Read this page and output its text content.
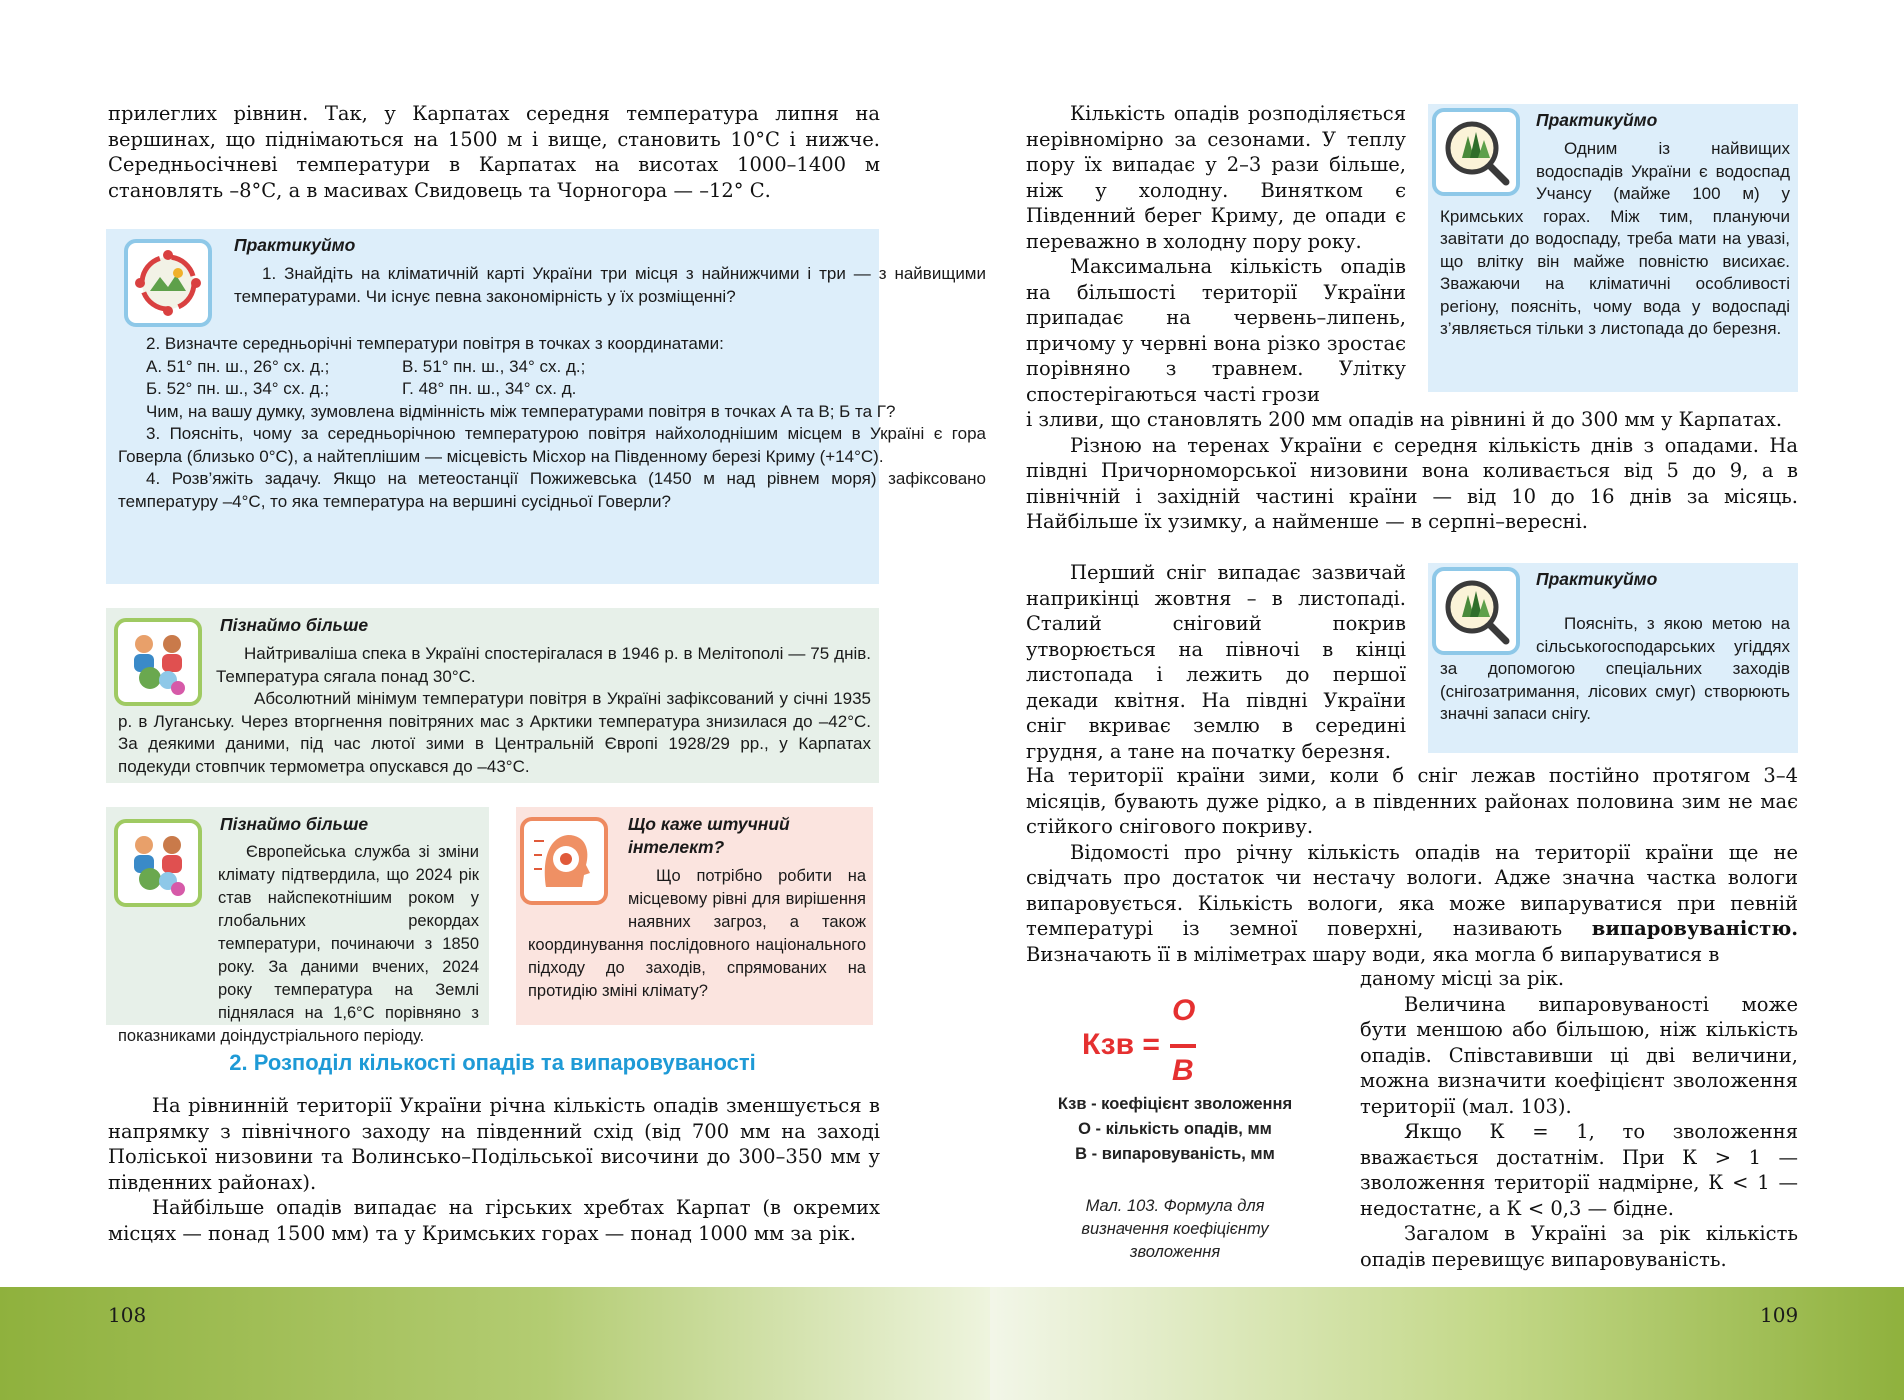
прилеглих рівнин. Так, у Карпатах середня температура липня на вершинах, що піднімаються на 1500 м і вище, становить 10°С і нижче. Середньосічневі температури в Карпатах на висотах 1000–1400 м становлять –8°С, а в масивах Свидовець та Чорногора — –12° С.

Практикуймо

1. Знайдіть на кліматичній карті України три місця з найнижчими і три — з найвищими температурами. Чи існує певна закономірність у їх розміщенні?

2. Визначте середньорічні температури повітря в точках з координатами:

А. 51° пн. ш., 26° сх. д.;	В. 51° пн. ш., 34° сх. д.;
Б. 52° пн. ш., 34° сх. д.;	Г. 48° пн. ш., 34° сх. д.

Чим, на вашу думку, зумовлена відмінність між температурами повітря в точках А та В; Б та Г?

3. Поясніть, чому за середньорічною температурою повітря найхолоднішим місцем в Україні є гора Говерла (близько 0°С), а найтеплішим — місцевість Місхор на Південному березі Криму (+14°С).

4. Розв’яжіть задачу. Якщо на метеостанції Пожижевська (1450 м над рівнем моря) зафіксовано температуру –4°С, то яка температура на вершині сусідньої Говерли?

Пізнаймо більше

Найтриваліша спека в Україні спостерігалася в 1946 р. в Мелітополі — 75 днів. Температура сягала понад 30°С.

Абсолютний мінімум температури повітря в Україні зафіксований у січні 1935 р. в Луганську. Через вторгнення повітряних мас з Арктики температура знизилася до –42°С. За деякими даними, під час лютої зими в Центральній Європі 1928/29 рр., у Карпатах подекуди стовпчик термометра опускався до –43°С.

Пізнаймо більше

Європейська служба зі зміни клімату підтвердила, що 2024 рік став найспекотнішим роком у глобальних рекордах температури, починаючи з 1850 року. За даними вчених, 2024 року температура на Землі піднялася на 1,6°С порівняно з показниками доіндустріального періоду.

Що каже штучний інтелект?

Що потрібно робити на місцевому рівні для вирішення наявних загроз, а також координування послідовного національного підходу до заходів, спрямованих на протидію зміні клімату?

2. Розподіл кількості опадів та випаровуваності

На рівнинній території України річна кількість опадів зменшується в напрямку з північного заходу на південний схід (від 700 мм на заході Поліської низовини та Волинсько–Подільської височини до 300–350 мм у південних районах).

Найбільше опадів випадає на гірських хребтах Карпат (в окремих місцях — понад 1500 мм) та у Кримських горах — понад 1000 мм за рік.

108	109
Практикуймо

Одним із найвищих водоспадів України є водоспад Учансу (майже 100 м) у Кримських горах. Між тим, плануючи завітати до водоспаду, треба мати на увазі, що влітку він майже повністю висихає. Зважаючи на кліматичні особливості регіону, поясніть, чому вода у водоспаді з’являється тільки з листопада до березня.

Кількість опадів розподіляється нерівномірно за сезонами. У теплу пору їх випадає у 2–3 рази більше, ніж у холодну. Винятком є Південний берег Криму, де опади є переважно в холодну пору року.

Максимальна кількість опадів на більшості території України припадає на червень–липень, причому у червні вона різко зростає порівняно з травнем. Улітку спостерігаються часті грози

і зливи, що становлять 200 мм опадів на рівнині й до 300 мм у Карпатах.

Різною на теренах України є середня кількість днів з опадами. На півдні Причорноморської низовини вона коливається від 5 до 9, а в північній і західній частині країни — від 10 до 16 днів за місяць. Найбільше їх узимку, а найменше — в серпні–вересні.

Практикуймо

Поясніть, з якою метою на сільськогосподарських угіддях за допомогою спеціальних заходів (снігозатримання, лісових смуг) створюють значні запаси снігу.

Перший сніг випадає зазвичай наприкінці жовтня – в листопаді. Сталий сніговий покрив утворюється на півночі в кінці листопада і лежить до першої декади квітня. На півдні України сніг вкриває землю в середині грудня, а тане на початку березня.

На території країни зими, коли б сніг лежав постійно протягом 3–4 місяців, бувають дуже рідко, а в південних районах половина зим не має стійкого снігового покриву.

Відомості про річну кількість опадів на території країни ще не свідчать про достаток чи нестачу вологи. Адже значна частка вологи випаровується. Кількість вологи, яка може випаруватися при певній температурі із земної поверхні, називають випаровуваністю. Визначають її в міліметрах шару води, яка могла б випаруватися в

Кзв =
О
В
Кзв - коефіцієнт зволоження
О - кількість опадів, мм
В - випаровуваність, мм
Мал. 103. Формула для визначення коефіцієнту зволоження

даному місці за рік.

Величина випаровуваності може бути меншою або більшою, ніж кількість опадів. Співставивши ці дві величини, можна визначити коефіцієнт зволоження території (мал. 103).

Якщо К = 1, то зволоження вважається достатнім. При К > 1 — зволоження території надмірне, К < 1 — недостатнє, а К < 0,3 — бідне.

Загалом в Україні за рік кількість опадів перевищує випаровуваність.
